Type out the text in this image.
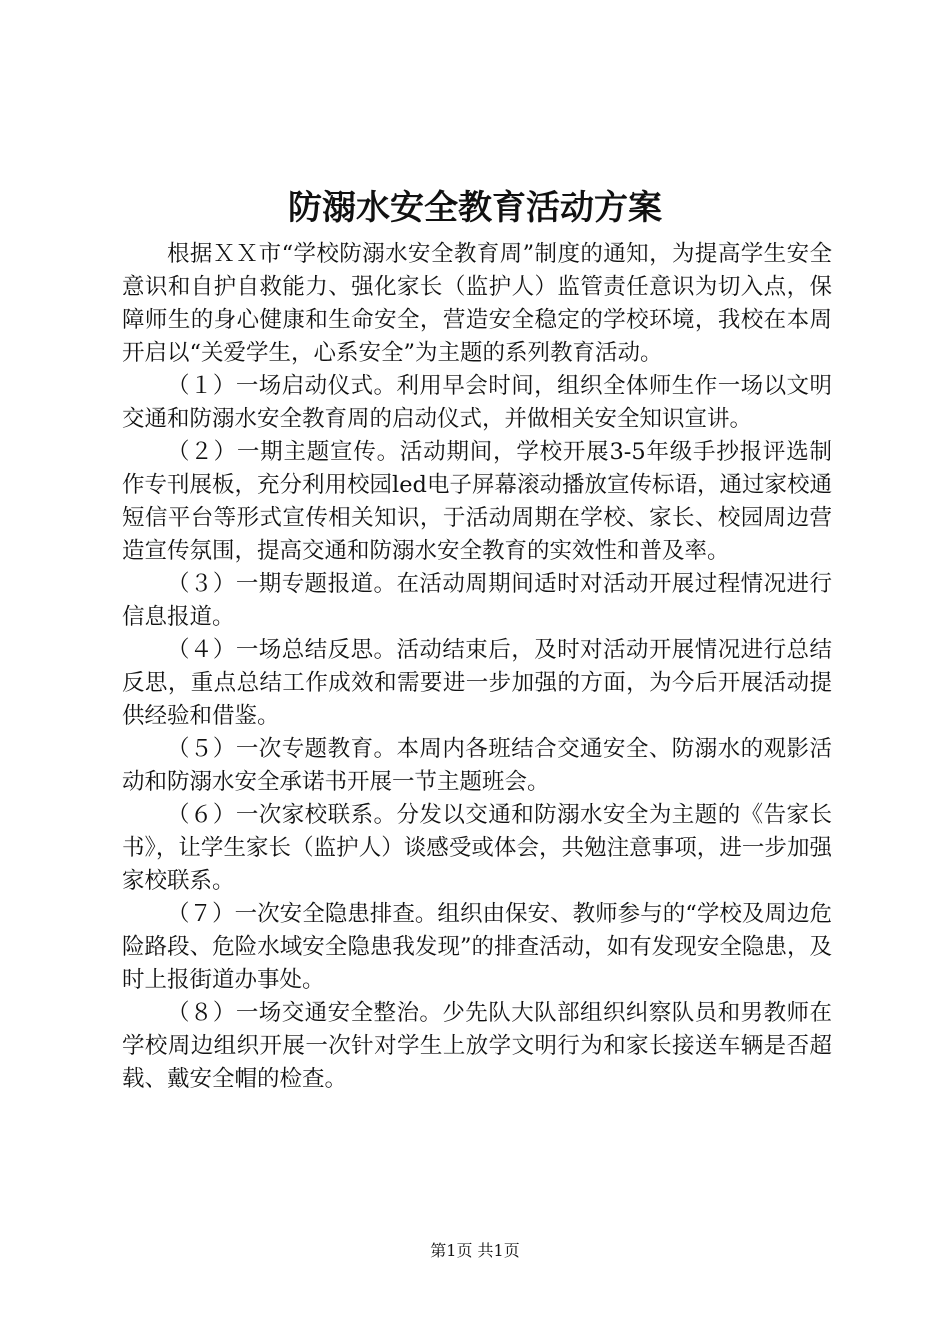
防溺水安全教育活动方案

根据ＸＸ市“学校防溺水安全教育周”制度的通知，为提高学生安全意识和自护自救能力、强化家长（监护人）监管责任意识为切入点，保障师生的身心健康和生命安全，营造安全稳定的学校环境，我校在本周开启以“关爱学生，心系安全”为主题的系列教育活动。

（１）一场启动仪式。利用早会时间，组织全体师生作一场以文明交通和防溺水安全教育周的启动仪式，并做相关安全知识宣讲。

（２）一期主题宣传。活动期间，学校开展3-5年级手抄报评选制作专刊展板，充分利用校园led电子屏幕滚动播放宣传标语，通过家校通短信平台等形式宣传相关知识，于活动周期在学校、家长、校园周边营造宣传氛围，提高交通和防溺水安全教育的实效性和普及率。

（３）一期专题报道。在活动周期间适时对活动开展过程情况进行信息报道。

（４）一场总结反思。活动结束后，及时对活动开展情况进行总结反思，重点总结工作成效和需要进一步加强的方面，为今后开展活动提供经验和借鉴。

（５）一次专题教育。本周内各班结合交通安全、防溺水的观影活动和防溺水安全承诺书开展一节主题班会。

（６）一次家校联系。分发以交通和防溺水安全为主题的《告家长书》，让学生家长（监护人）谈感受或体会，共勉注意事项，进一步加强家校联系。

（７）一次安全隐患排查。组织由保安、教师参与的“学校及周边危险路段、危险水域安全隐患我发现”的排查活动，如有发现安全隐患，及时上报街道办事处。

（８）一场交通安全整治。少先队大队部组织纠察队员和男教师在学校周边组织开展一次针对学生上放学文明行为和家长接送车辆是否超载、戴安全帽的检查。

第1页 共1页
